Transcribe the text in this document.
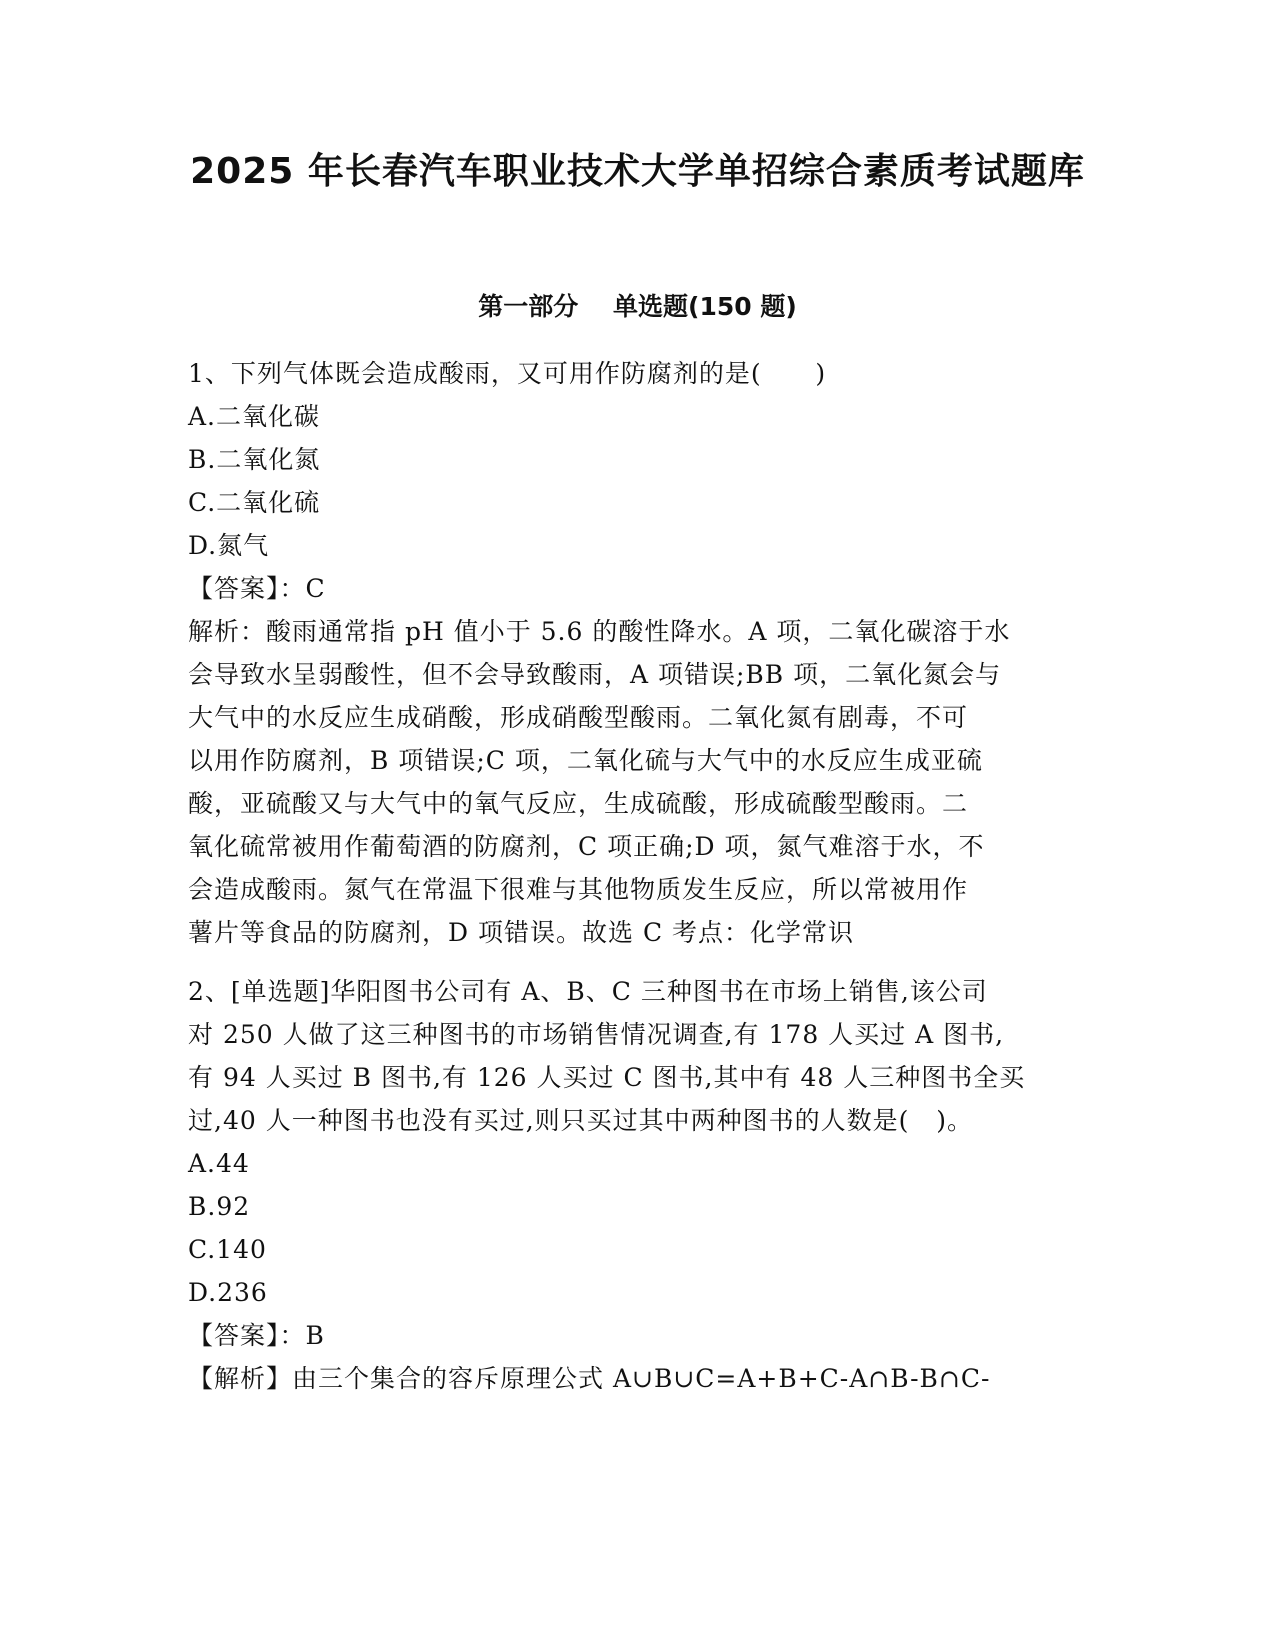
2025 年长春汽车职业技术大学单招综合素质考试题库
第一部分    单选题(150 题)
1、下列气体既会造成酸雨，又可用作防腐剂的是(      )
A.二氧化碳
B.二氧化氮
C.二氧化硫
D.氮气
【答案】：C
解析：酸雨通常指 pH 值小于 5.6 的酸性降水。A 项，二氧化碳溶于水
会导致水呈弱酸性，但不会导致酸雨，A 项错误;BB 项，二氧化氮会与
大气中的水反应生成硝酸，形成硝酸型酸雨。二氧化氮有剧毒，不可
以用作防腐剂，B 项错误;C 项，二氧化硫与大气中的水反应生成亚硫
酸，亚硫酸又与大气中的氧气反应，生成硫酸，形成硫酸型酸雨。二
氧化硫常被用作葡萄酒的防腐剂，C 项正确;D 项，氮气难溶于水，不
会造成酸雨。氮气在常温下很难与其他物质发生反应，所以常被用作
薯片等食品的防腐剂，D 项错误。故选 C 考点：化学常识
2、[单选题]华阳图书公司有 A、B、C 三种图书在市场上销售,该公司
对 250 人做了这三种图书的市场销售情况调查,有 178 人买过 A 图书,
有 94 人买过 B 图书,有 126 人买过 C 图书,其中有 48 人三种图书全买
过,40 人一种图书也没有买过,则只买过其中两种图书的人数是(   )。
A.44
B.92
C.140
D.236
【答案】：B
【解析】由三个集合的容斥原理公式 A∪B∪C=A+B+C-A∩B-B∩C-
